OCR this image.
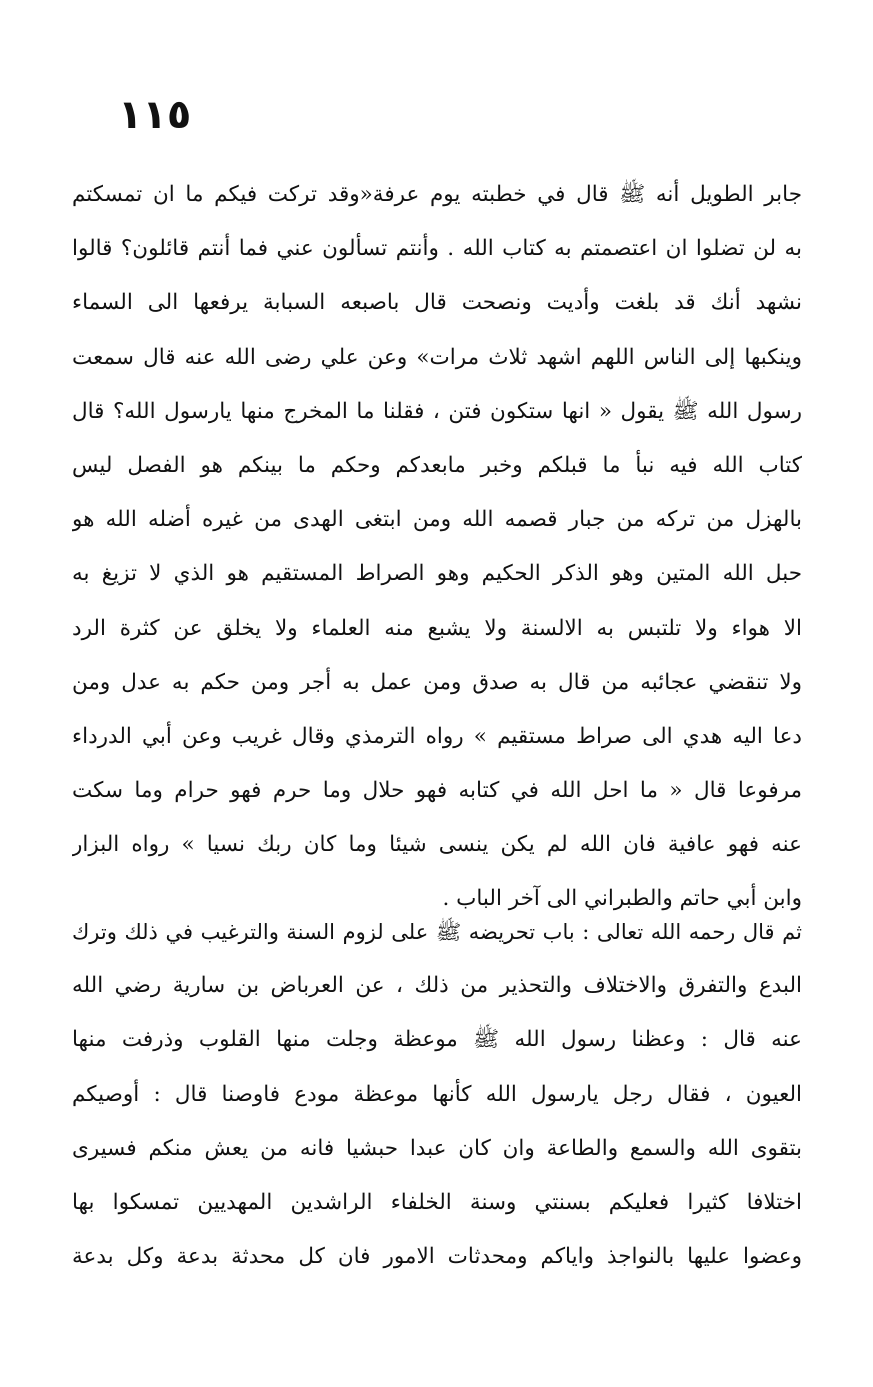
١١٥
جابر الطويل أنه ﷺ قال في خطبته يوم عرفة«وقد تركت فيكم ما ان تمسكتم
به لن تضلوا ان اعتصمتم به كتاب الله . وأنتم تسألون عني فما أنتم قائلون؟ قالوا
نشهد أنك قد بلغت وأديت ونصحت قال باصبعه السبابة يرفعها الى السماء
وينكبها إلى الناس اللهم اشهد ثلاث مرات» وعن علي رضى الله عنه قال سمعت
رسول الله ﷺ يقول « انها ستكون فتن ، فقلنا ما المخرج منها يارسول الله؟ قال
كتاب الله فيه نبأ ما قبلكم وخبر مابعدكم وحكم ما بينكم هو الفصل ليس
بالهزل من تركه من جبار قصمه الله ومن ابتغى الهدى من غيره أضله الله هو
حبل الله المتين وهو الذكر الحكيم وهو الصراط المستقيم هو الذي لا تزيغ به
الا هواء ولا تلتبس به الالسنة ولا يشبع منه العلماء ولا يخلق عن كثرة الرد
ولا تنقضي عجائبه من قال به صدق ومن عمل به أجر ومن حكم به عدل ومن
دعا اليه هدي الى صراط مستقيم » رواه الترمذي وقال غريب وعن أبي الدرداء
مرفوعا قال « ما احل الله في كتابه فهو حلال وما حرم فهو حرام وما سكت
عنه فهو عافية فان الله لم يكن ينسى شيئا وما كان ربك نسيا » رواه البزار
وابن أبي حاتم والطبراني الى آخر الباب .
ثم قال رحمه الله تعالى : باب تحريضه ﷺ على لزوم السنة والترغيب في ذلك وترك
البدع والتفرق والاختلاف والتحذير من ذلك ، عن العرباض بن سارية رضي الله
عنه قال : وعظنا رسول الله ﷺ موعظة وجلت منها القلوب وذرفت منها
العيون ، فقال رجل يارسول الله كأنها موعظة مودع فاوصنا قال : أوصيكم
بتقوى الله والسمع والطاعة وان كان عبدا حبشيا فانه من يعش منكم فسيرى
اختلافا كثيرا فعليكم بسنتي وسنة الخلفاء الراشدين المهديين تمسكوا بها
وعضوا عليها بالنواجذ واياكم ومحدثات الامور فان كل محدثة بدعة وكل بدعة
